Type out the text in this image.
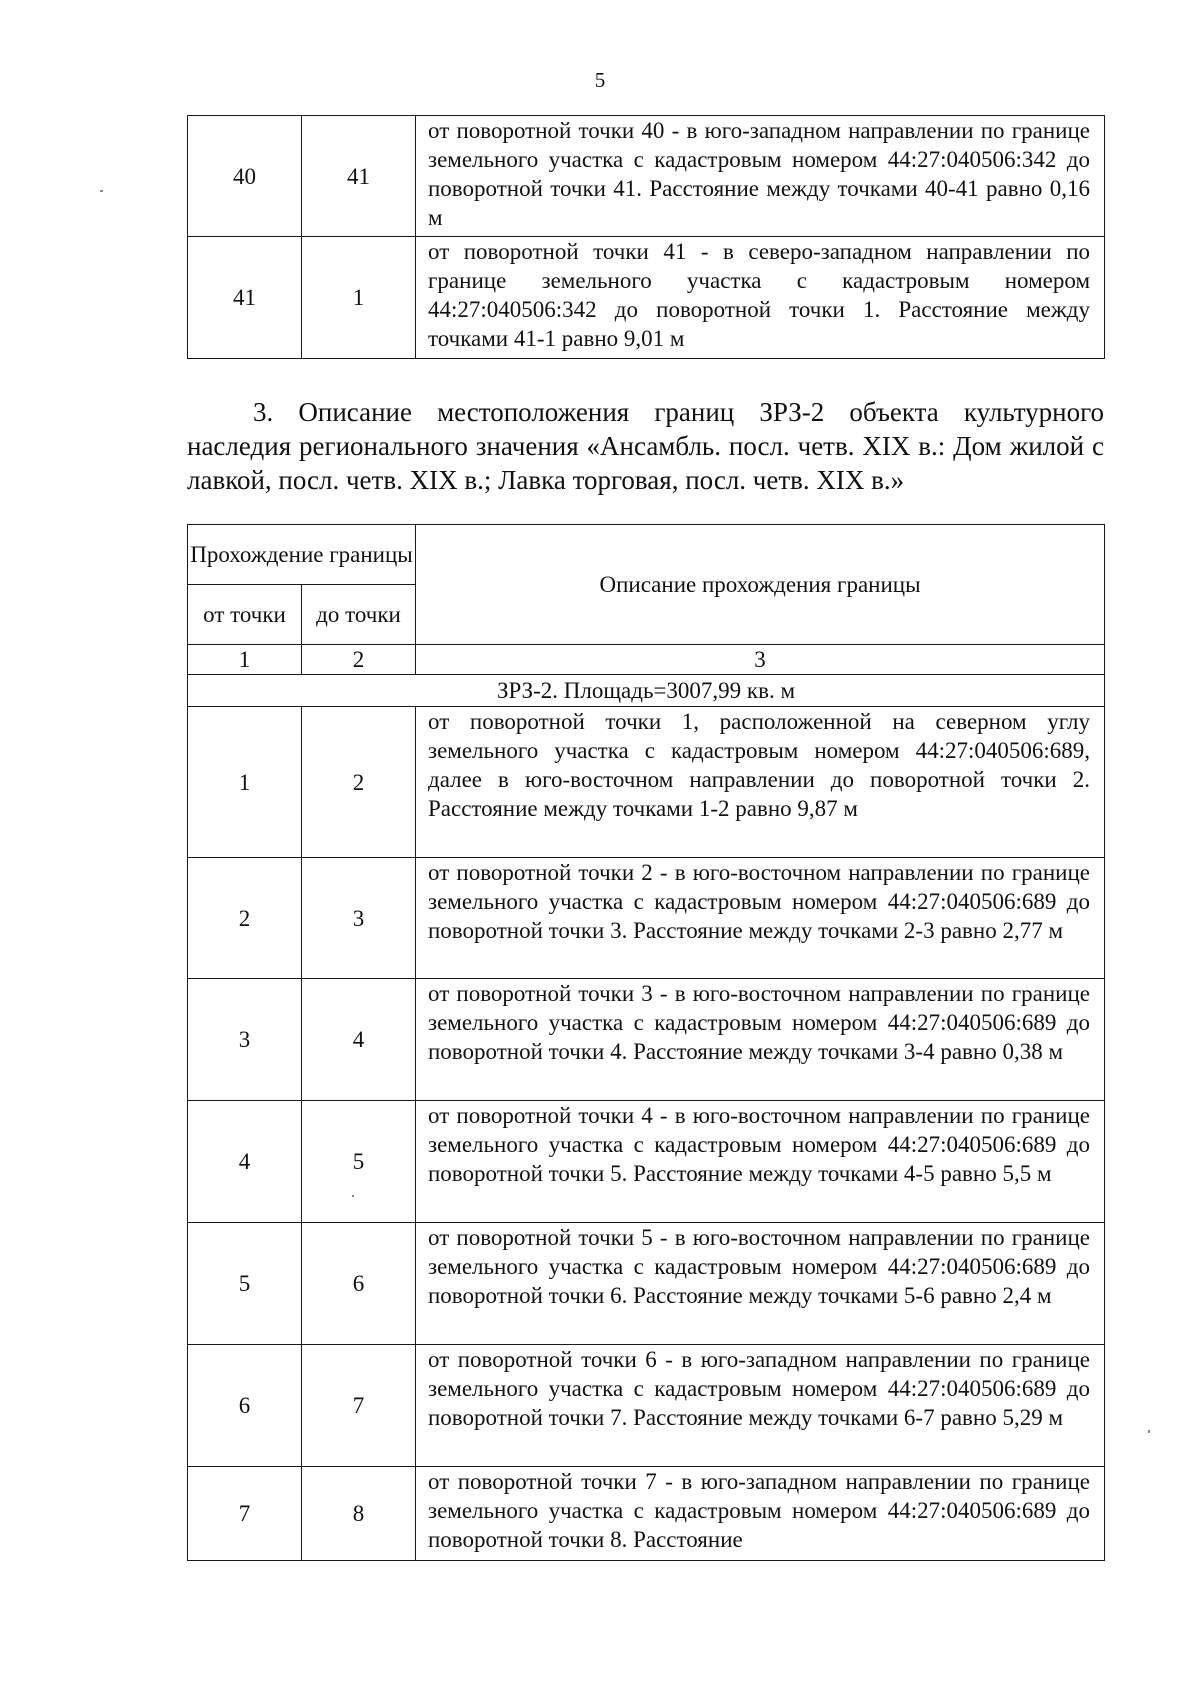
5
40	41	от поворотной точки 40 - в юго-западном направлении по границе земельного участка с кадастровым номером 44:27:040506:342 до поворотной точки 41. Расстояние между точками 40-41 равно 0,16 м
41	1	от поворотной точки 41 - в северо-западном направлении по границе земельного участка с кадастровым номером 44:27:040506:342 до поворотной точки 1. Расстояние между точками 41-1 равно 9,01 м
3. Описание местоположения границ ЗРЗ-2 объекта культурного наследия регионального значения «Ансамбль. посл. четв. XIX в.: Дом жилой с лавкой, посл. четв. XIX в.; Лавка торговая, посл. четв. XIX в.»
Прохождение границы		Описание прохождения границы
от точки	до точки	
1	2	3
ЗРЗ-2. Площадь=3007,99 кв. м		
1	2	от поворотной точки 1, расположенной на северном углу земельного участка с кадастровым номером 44:27:040506:689, далее в юго-восточном направлении до поворотной точки 2. Расстояние между точками 1-2 равно 9,87 м
2	3	от поворотной точки 2 - в юго-восточном направлении по границе земельного участка с кадастровым номером 44:27:040506:689 до поворотной точки 3. Расстояние между точками 2-3 равно 2,77 м
3	4	от поворотной точки 3 - в юго-восточном направлении по границе земельного участка с кадастровым номером 44:27:040506:689 до поворотной точки 4. Расстояние между точками 3-4 равно 0,38 м
4	5	от поворотной точки 4 - в юго-восточном направлении по границе земельного участка с кадастровым номером 44:27:040506:689 до поворотной точки 5. Расстояние между точками 4-5 равно 5,5 м
5	6	от поворотной точки 5 - в юго-восточном направлении по границе земельного участка с кадастровым номером 44:27:040506:689 до поворотной точки 6. Расстояние между точками 5-6 равно 2,4 м
6	7	от поворотной точки 6 - в юго-западном направлении по границе земельного участка с кадастровым номером 44:27:040506:689 до поворотной точки 7. Расстояние между точками 6-7 равно 5,29 м
7	8	от поворотной точки 7 - в юго-западном направлении по границе земельного участка с кадастровым номером 44:27:040506:689 до поворотной точки 8. Расстояние
